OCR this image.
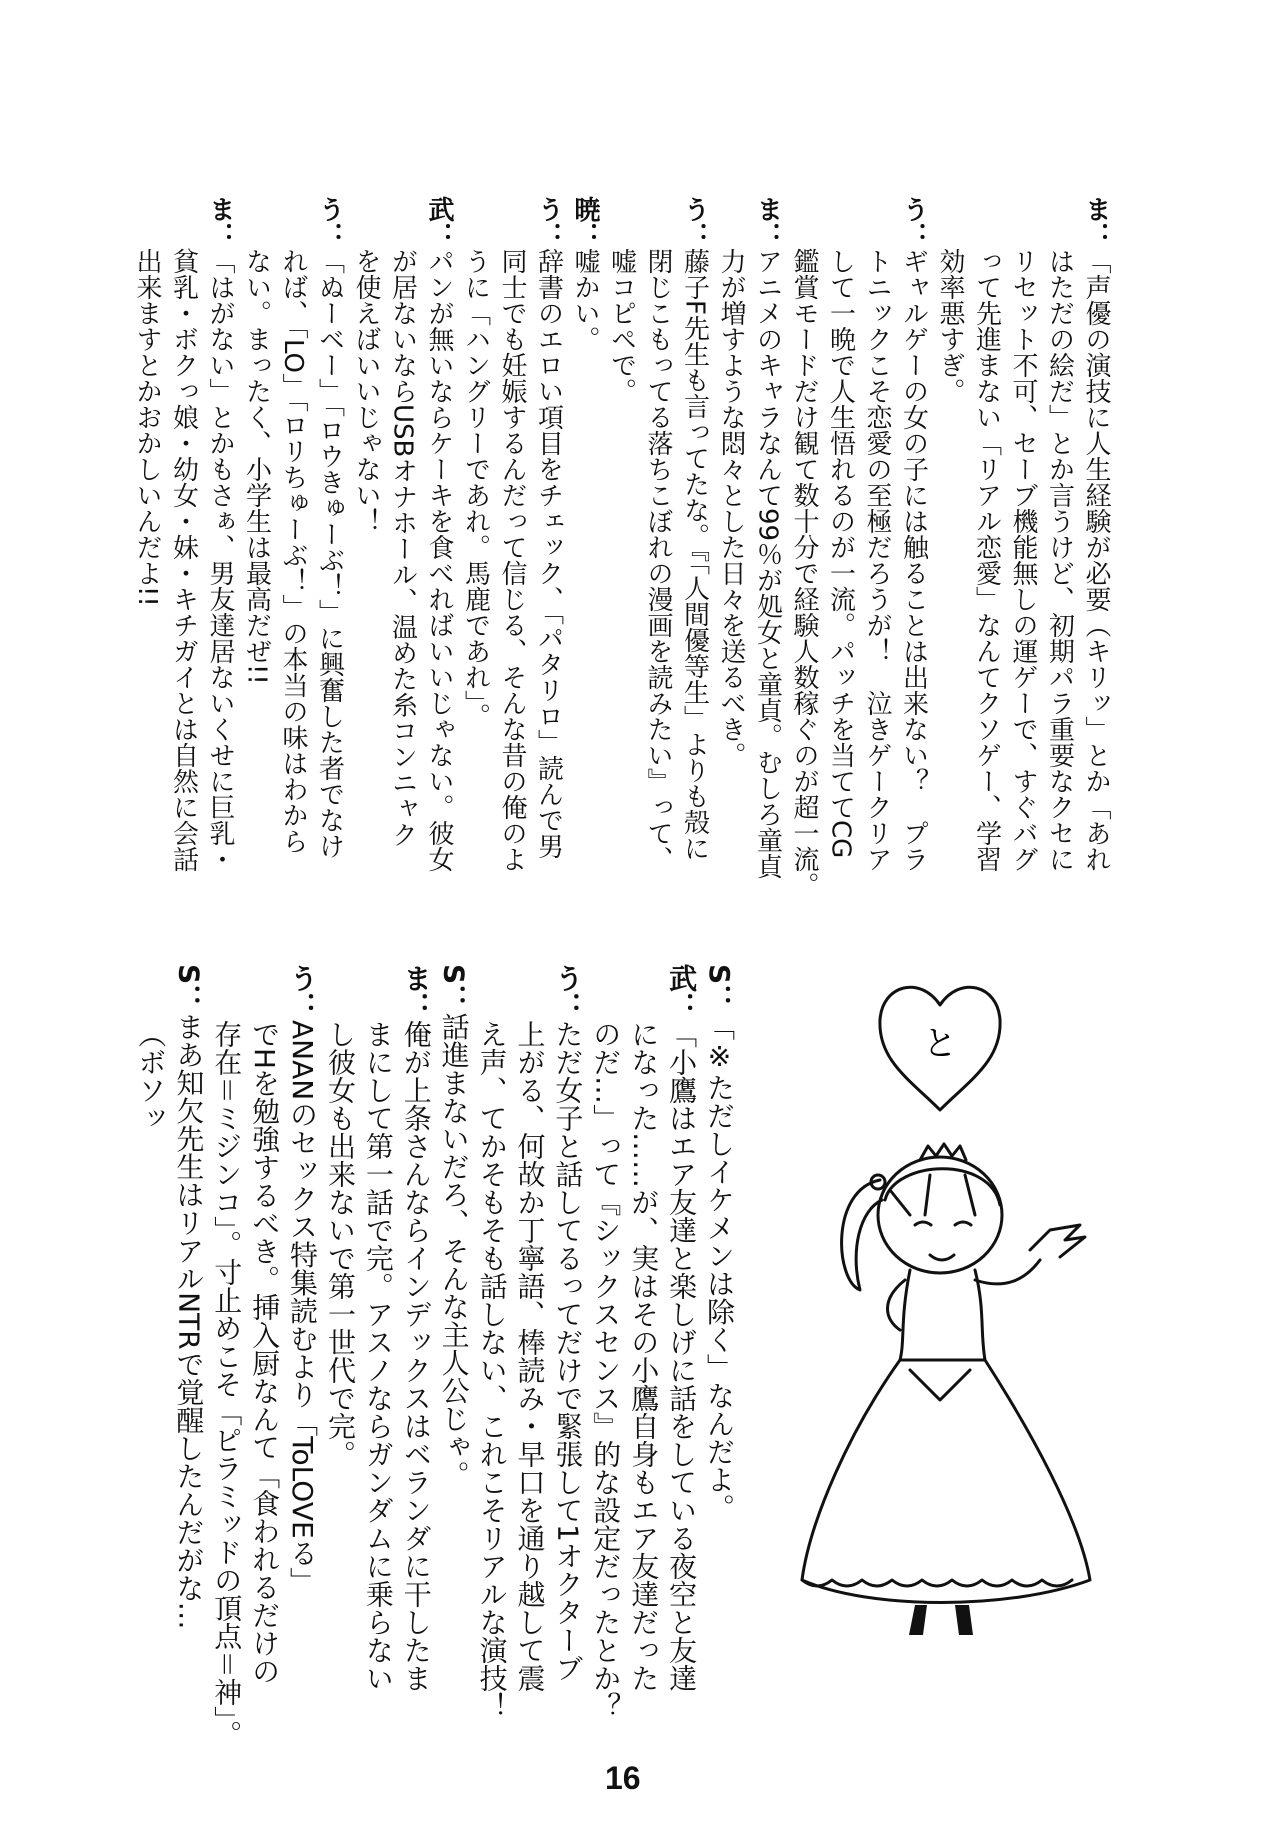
ま：「声優の演技に人生経験が必要（キリッ」とか「あれ
はただの絵だ」とか言うけど、初期パラ重要なクセに
リセット不可、セーブ機能無しの運ゲーで、すぐバグ
って先進まない「リアル恋愛」なんてクソゲー、学習
効率悪すぎ。
う：ギャルゲーの女の子には触ることは出来ない？　プラ
トニックこそ恋愛の至極だろうが！　泣きゲークリア
して一晩で人生悟れるのが一流。パッチを当ててCG
鑑賞モードだけ観て数十分で経験人数稼ぐのが超一流。
ま：アニメのキャラなんて99％が処女と童貞。むしろ童貞
力が増すような悶々とした日々を送るべき。
う：藤子F先生も言ってたな。『「人間優等生」よりも殻に
閉じこもってる落ちこぼれの漫画を読みたい』って、
嘘コピペで。
暁：嘘かい。
う：辞書のエロい項目をチェック、「パタリロ」読んで男
同士でも妊娠するんだって信じる、そんな昔の俺のよ
うに「ハングリーであれ。馬鹿であれ」。
武：パンが無いならケーキを食べればいいじゃない。彼女
が居ないならUSBオナホール、温めた糸コンニャク
を使えばいいじゃない！
う：「ぬーベー」「ロウきゅーぶ！」に興奮した者でなけ
れば、「LO」「ロリちゅーぶ！」の本当の味はわから
ない。まったく、小学生は最高だぜ!!
ま：「はがない」とかもさぁ、男友達居ないくせに巨乳・
貧乳・ボクっ娘・幼女・妹・キチガイとは自然に会話
出来ますとかおかしいんだよ!!
S：「※ただしイケメンは除く」なんだよ。
武：「小鷹はエア友達と楽しげに話をしている夜空と友達
になった……が、実はその小鷹自身もエア友達だった
のだ…」って『シックスセンス』的な設定だったとか？
う：ただ女子と話してるってだけで緊張して1オクターブ
上がる、何故か丁寧語、棒読み・早口を通り越して震
え声、てかそもそも話しない、これこそリアルな演技！
S：話進まないだろ、そんな主人公じゃ。
ま：俺が上条さんならインデックスはベランダに干したま
まにして第一話で完。アスノならガンダムに乗らない
し彼女も出来ないで第一世代で完。
う：ANANのセックス特集読むより「ToLOVEる」
でHを勉強するべき。挿入厨なんて「食われるだけの
存在＝ミジンコ」。寸止めこそ「ピラミッドの頂点＝神」。
S：まあ知欠先生はリアルNTRで覚醒したんだがな…
（ボソッ	と
16
